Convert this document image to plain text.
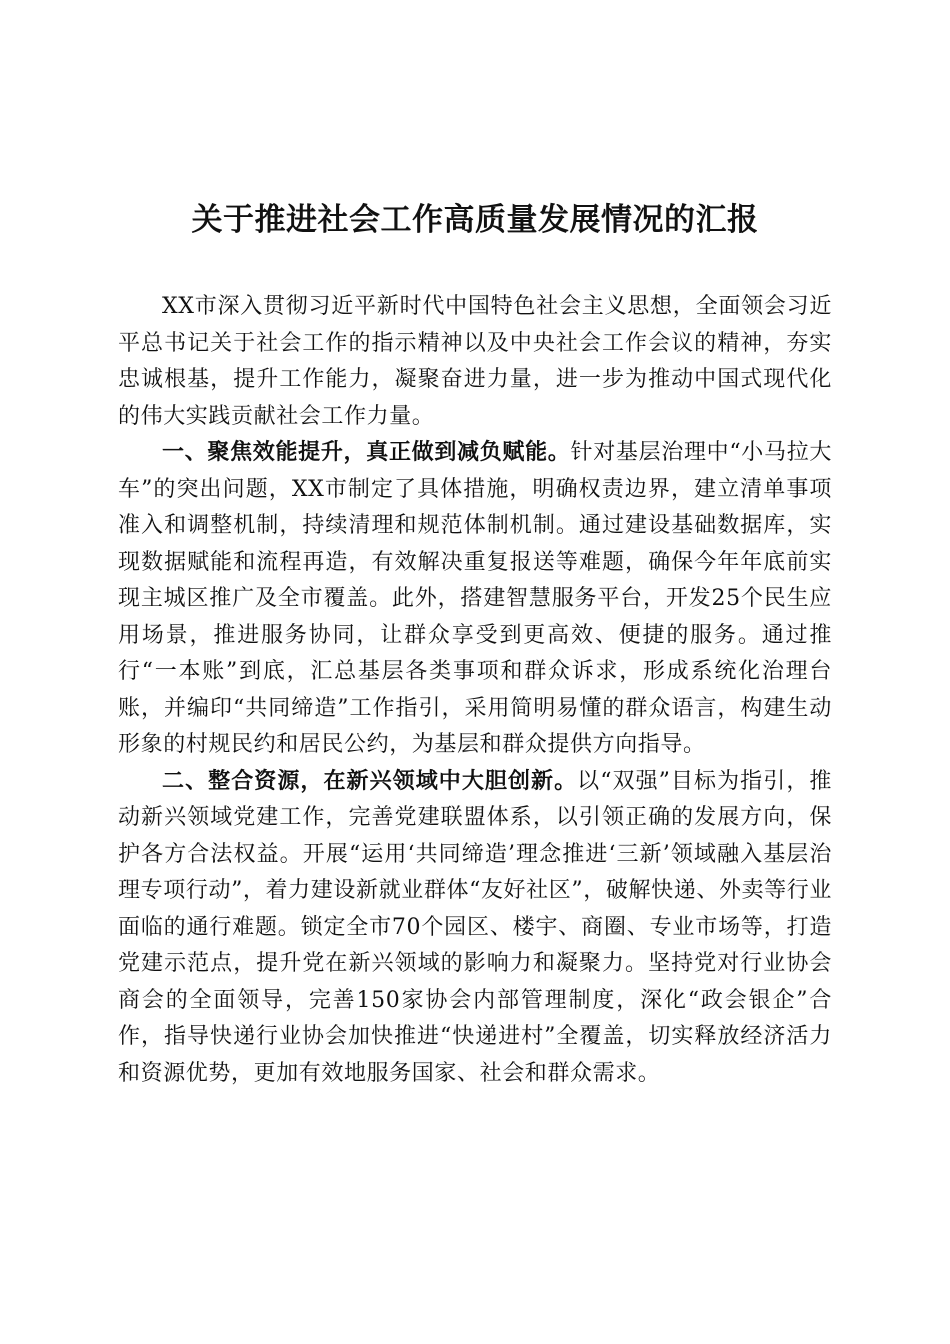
关于推进社会工作高质量发展情况的汇报

XX市深入贯彻习近平新时代中国特色社会主义思想，全面领会习近平总书记关于社会工作的指示精神以及中央社会工作会议的精神，夯实忠诚根基，提升工作能力，凝聚奋进力量，进一步为推动中国式现代化的伟大实践贡献社会工作力量。

一、聚焦效能提升，真正做到减负赋能。针对基层治理中“小马拉大车”的突出问题，XX市制定了具体措施，明确权责边界，建立清单事项准入和调整机制，持续清理和规范体制机制。通过建设基础数据库，实现数据赋能和流程再造，有效解决重复报送等难题，确保今年年底前实现主城区推广及全市覆盖。此外，搭建智慧服务平台，开发25个民生应用场景，推进服务协同，让群众享受到更高效、便捷的服务。通过推行“一本账”到底，汇总基层各类事项和群众诉求，形成系统化治理台账，并编印“共同缔造”工作指引，采用简明易懂的群众语言，构建生动形象的村规民约和居民公约，为基层和群众提供方向指导。

二、整合资源，在新兴领域中大胆创新。以“双强”目标为指引，推动新兴领域党建工作，完善党建联盟体系，以引领正确的发展方向，保护各方合法权益。开展“运用‘共同缔造’理念推进‘三新’领域融入基层治理专项行动”，着力建设新就业群体“友好社区”，破解快递、外卖等行业面临的通行难题。锁定全市70个园区、楼宇、商圈、专业市场等，打造党建示范点，提升党在新兴领域的影响力和凝聚力。坚持党对行业协会商会的全面领导，完善150家协会内部管理制度，深化“政会银企”合作，指导快递行业协会加快推进“快递进村”全覆盖，切实释放经济活力和资源优势，更加有效地服务国家、社会和群众需求。
